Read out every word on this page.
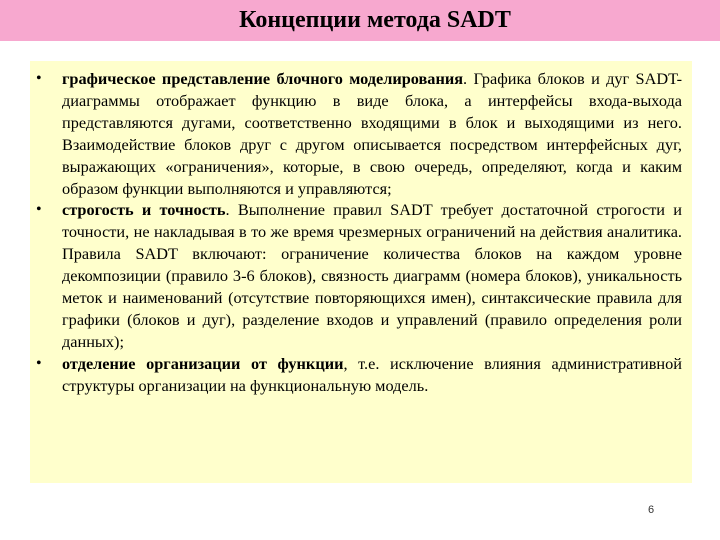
Концепции метода SADT
• графическое представление блочного моделирования. Графика блоков и дуг SADT-диаграммы отображает функцию в виде блока, а интерфейсы входа-выхода представляются дугами, соответственно входящими в блок и выходящими из него. Взаимодействие блоков друг с другом описывается посредством интерфейсных дуг, выражающих «ограничения», которые, в свою очередь, определяют, когда и каким образом функции выполняются и управляются;
• строгость и точность. Выполнение правил SADT требует достаточной строгости и точности, не накладывая в то же время чрезмерных ограничений на действия аналитика. Правила SADT включают: ограничение количества блоков на каждом уровне декомпозиции (правило 3-6 блоков), связность диаграмм (номера блоков), уникальность меток и наименований (отсутствие повторяющихся имен), синтаксические правила для графики (блоков и дуг), разделение входов и управлений (правило определения роли данных);
• отделение организации от функции, т.е. исключение влияния административной структуры организации на функциональную модель.
6
